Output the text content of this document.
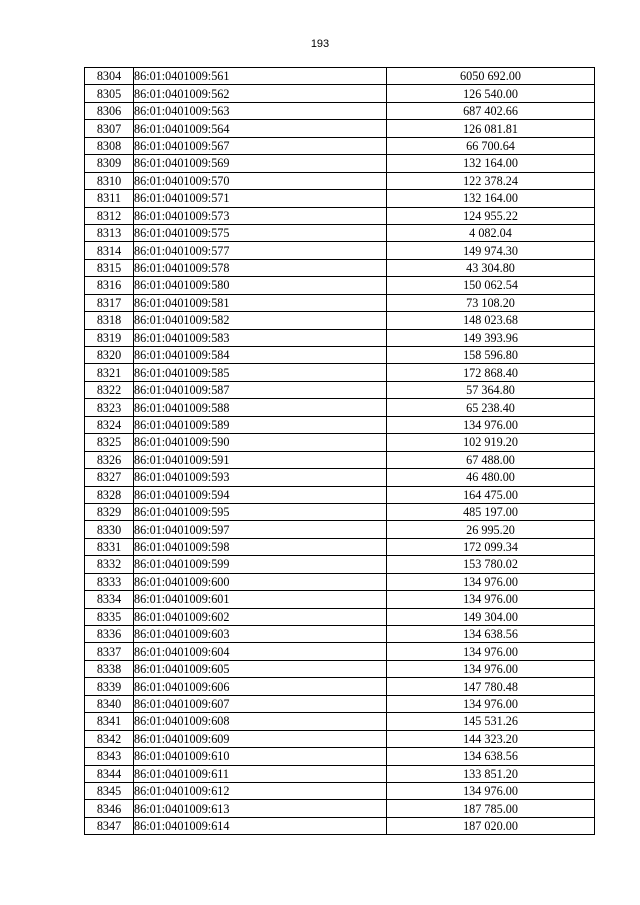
193
8304	86:01:0401009:561	6050 692.00
8305	86:01:0401009:562	126 540.00
8306	86:01:0401009:563	687 402.66
8307	86:01:0401009:564	126 081.81
8308	86:01:0401009:567	66 700.64
8309	86:01:0401009:569	132 164.00
8310	86:01:0401009:570	122 378.24
8311	86:01:0401009:571	132 164.00
8312	86:01:0401009:573	124 955.22
8313	86:01:0401009:575	4 082.04
8314	86:01:0401009:577	149 974.30
8315	86:01:0401009:578	43 304.80
8316	86:01:0401009:580	150 062.54
8317	86:01:0401009:581	73 108.20
8318	86:01:0401009:582	148 023.68
8319	86:01:0401009:583	149 393.96
8320	86:01:0401009:584	158 596.80
8321	86:01:0401009:585	172 868.40
8322	86:01:0401009:587	57 364.80
8323	86:01:0401009:588	65 238.40
8324	86:01:0401009:589	134 976.00
8325	86:01:0401009:590	102 919.20
8326	86:01:0401009:591	67 488.00
8327	86:01:0401009:593	46 480.00
8328	86:01:0401009:594	164 475.00
8329	86:01:0401009:595	485 197.00
8330	86:01:0401009:597	26 995.20
8331	86:01:0401009:598	172 099.34
8332	86:01:0401009:599	153 780.02
8333	86:01:0401009:600	134 976.00
8334	86:01:0401009:601	134 976.00
8335	86:01:0401009:602	149 304.00
8336	86:01:0401009:603	134 638.56
8337	86:01:0401009:604	134 976.00
8338	86:01:0401009:605	134 976.00
8339	86:01:0401009:606	147 780.48
8340	86:01:0401009:607	134 976.00
8341	86:01:0401009:608	145 531.26
8342	86:01:0401009:609	144 323.20
8343	86:01:0401009:610	134 638.56
8344	86:01:0401009:611	133 851.20
8345	86:01:0401009:612	134 976.00
8346	86:01:0401009:613	187 785.00
8347	86:01:0401009:614	187 020.00
